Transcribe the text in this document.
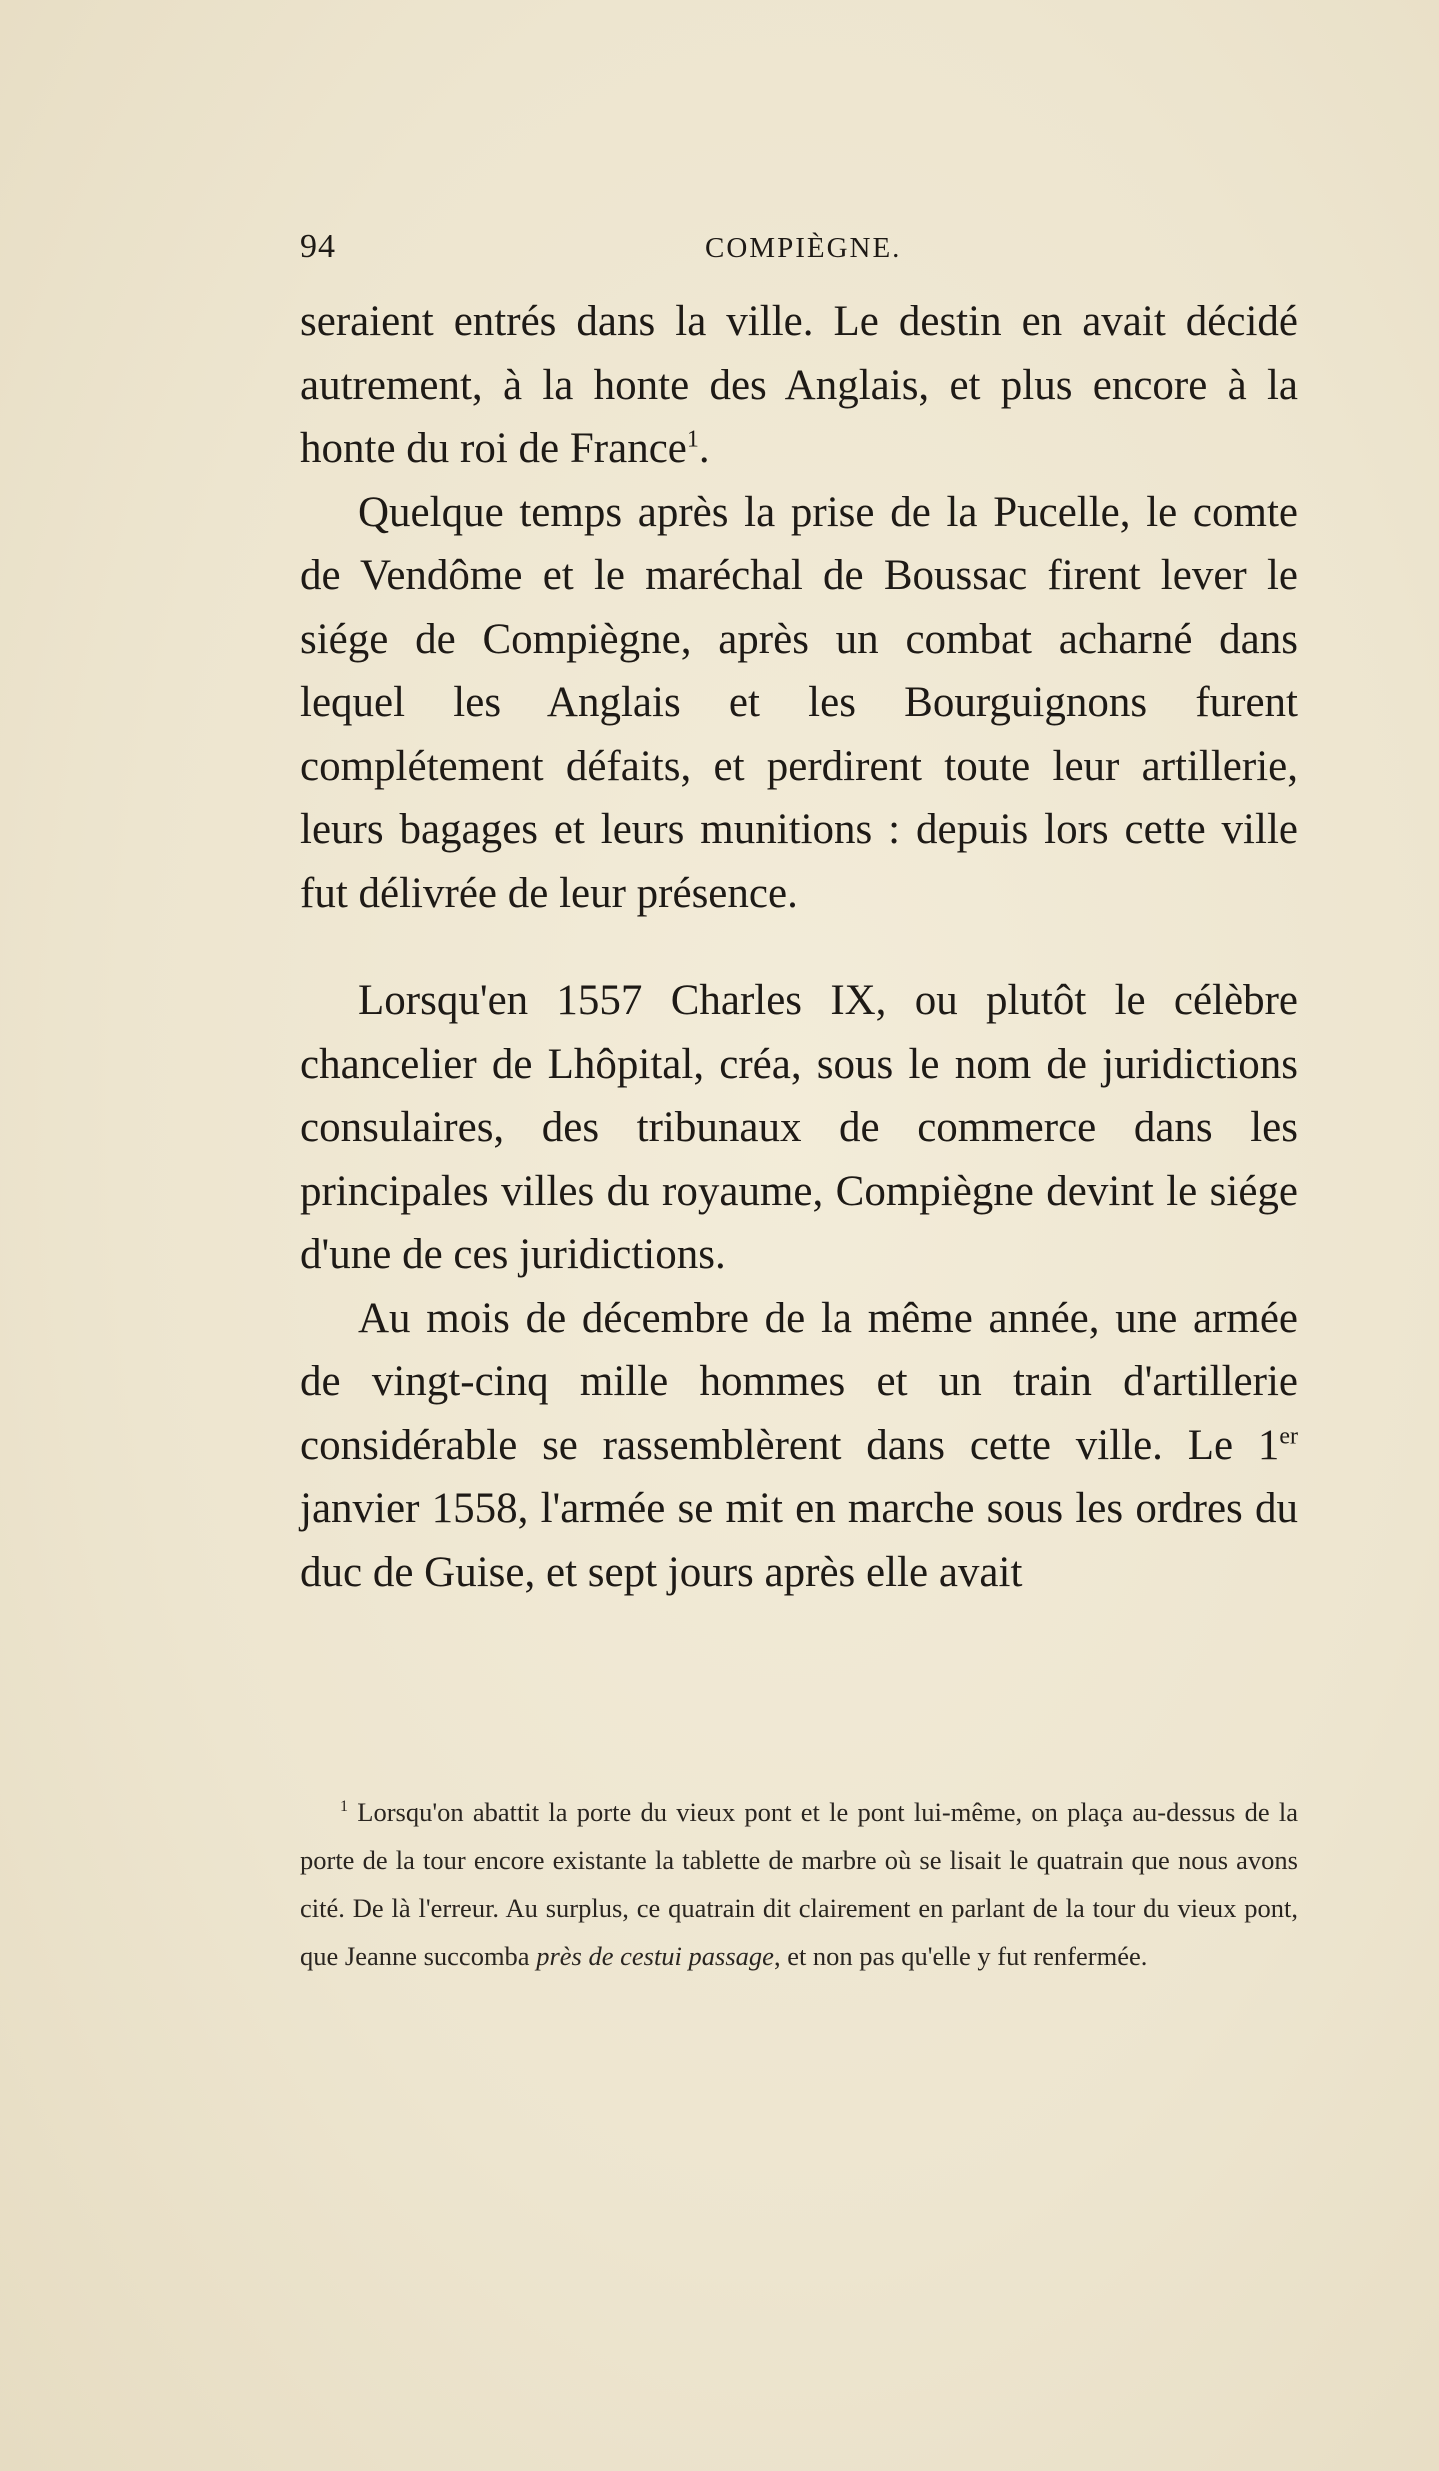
94	COMPIÈGNE.

seraient entrés dans la ville. Le destin en avait décidé autrement, à la honte des Anglais, et plus encore à la honte du roi de France$^1$.

Quelque temps après la prise de la Pucelle, le comte de Vendôme et le maréchal de Boussac firent lever le siége de Compiègne, après un combat acharné dans lequel les Anglais et les Bourguignons furent complétement défaits, et perdirent toute leur artillerie, leurs bagages et leurs munitions : depuis lors cette ville fut délivrée de leur présence.

Lorsqu'en 1557 Charles IX, ou plutôt le célèbre chancelier de Lhôpital, créa, sous le nom de juridictions consulaires, des tribunaux de commerce dans les principales villes du royaume, Compiègne devint le siége d'une de ces juridictions.

Au mois de décembre de la même année, une armée de vingt-cinq mille hommes et un train d'artillerie considérable se rassemblèrent dans cette ville. Le 1er janvier 1558, l'armée se mit en marche sous les ordres du duc de Guise, et sept jours après elle avait

$^1$ Lorsqu'on abattit la porte du vieux pont et le pont lui-même, on plaça au-dessus de la porte de la tour encore existante la tablette de marbre où se lisait le quatrain que nous avons cité. De là l'erreur. Au surplus, ce quatrain dit clairement en parlant de la tour du vieux pont, que Jeanne succomba près de cestui passage, et non pas qu'elle y fut renfermée.
